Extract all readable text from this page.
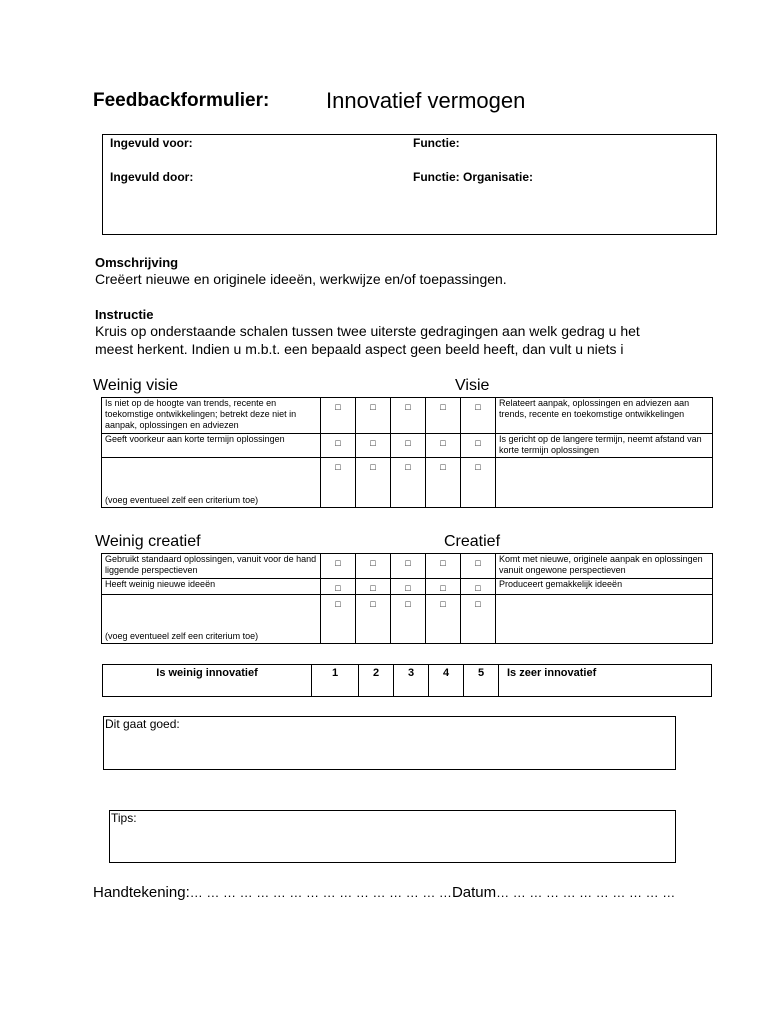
Feedbackformulier:	Innovatief vermogen
Ingevuld voor:	Functie:
Ingevuld door:	Functie: Organisatie:
Omschrijving
Creëert nieuwe en originele ideeën, werkwijze en/of toepassingen.
Instructie
Kruis op onderstaande schalen tussen twee uiterste gedragingen aan welk gedrag u het
meest herkent. Indien u m.b.t. een bepaald aspect geen beeld heeft, dan vult u niets i
Weinig visie	Visie
Is niet op de hoogte van trends, recente en toekomstige ontwikkelingen; betrekt deze niet in aanpak, oplossingen en adviezen	□	□	□	□	□	Relateert aanpak, oplossingen en adviezen aan trends, recente en toekomstige ontwikkelingen
Geeft voorkeur aan korte termijn oplossingen	□	□	□	□	□	Is gericht op de langere termijn, neemt afstand van korte termijn oplossingen
(voeg eventueel zelf een criterium toe)	□	□	□	□	□	
Weinig creatief	Creatief
Gebruikt standaard oplossingen, vanuit voor de hand liggende perspectieven	□	□	□	□	□	Komt met nieuwe, originele aanpak en oplossingen vanuit ongewone perspectieven
Heeft weinig nieuwe ideeën	□	□	□	□	□	Produceert gemakkelijk ideeën
(voeg eventueel zelf een criterium toe)	□	□	□	□	□	
Is weinig innovatief	1	2	3	4	5	Is zeer innovatief
Dit gaat goed:
Tips:
Handtekening:… … … … … … … … … … … … … … … …Datum… … … … … … … … … … …
